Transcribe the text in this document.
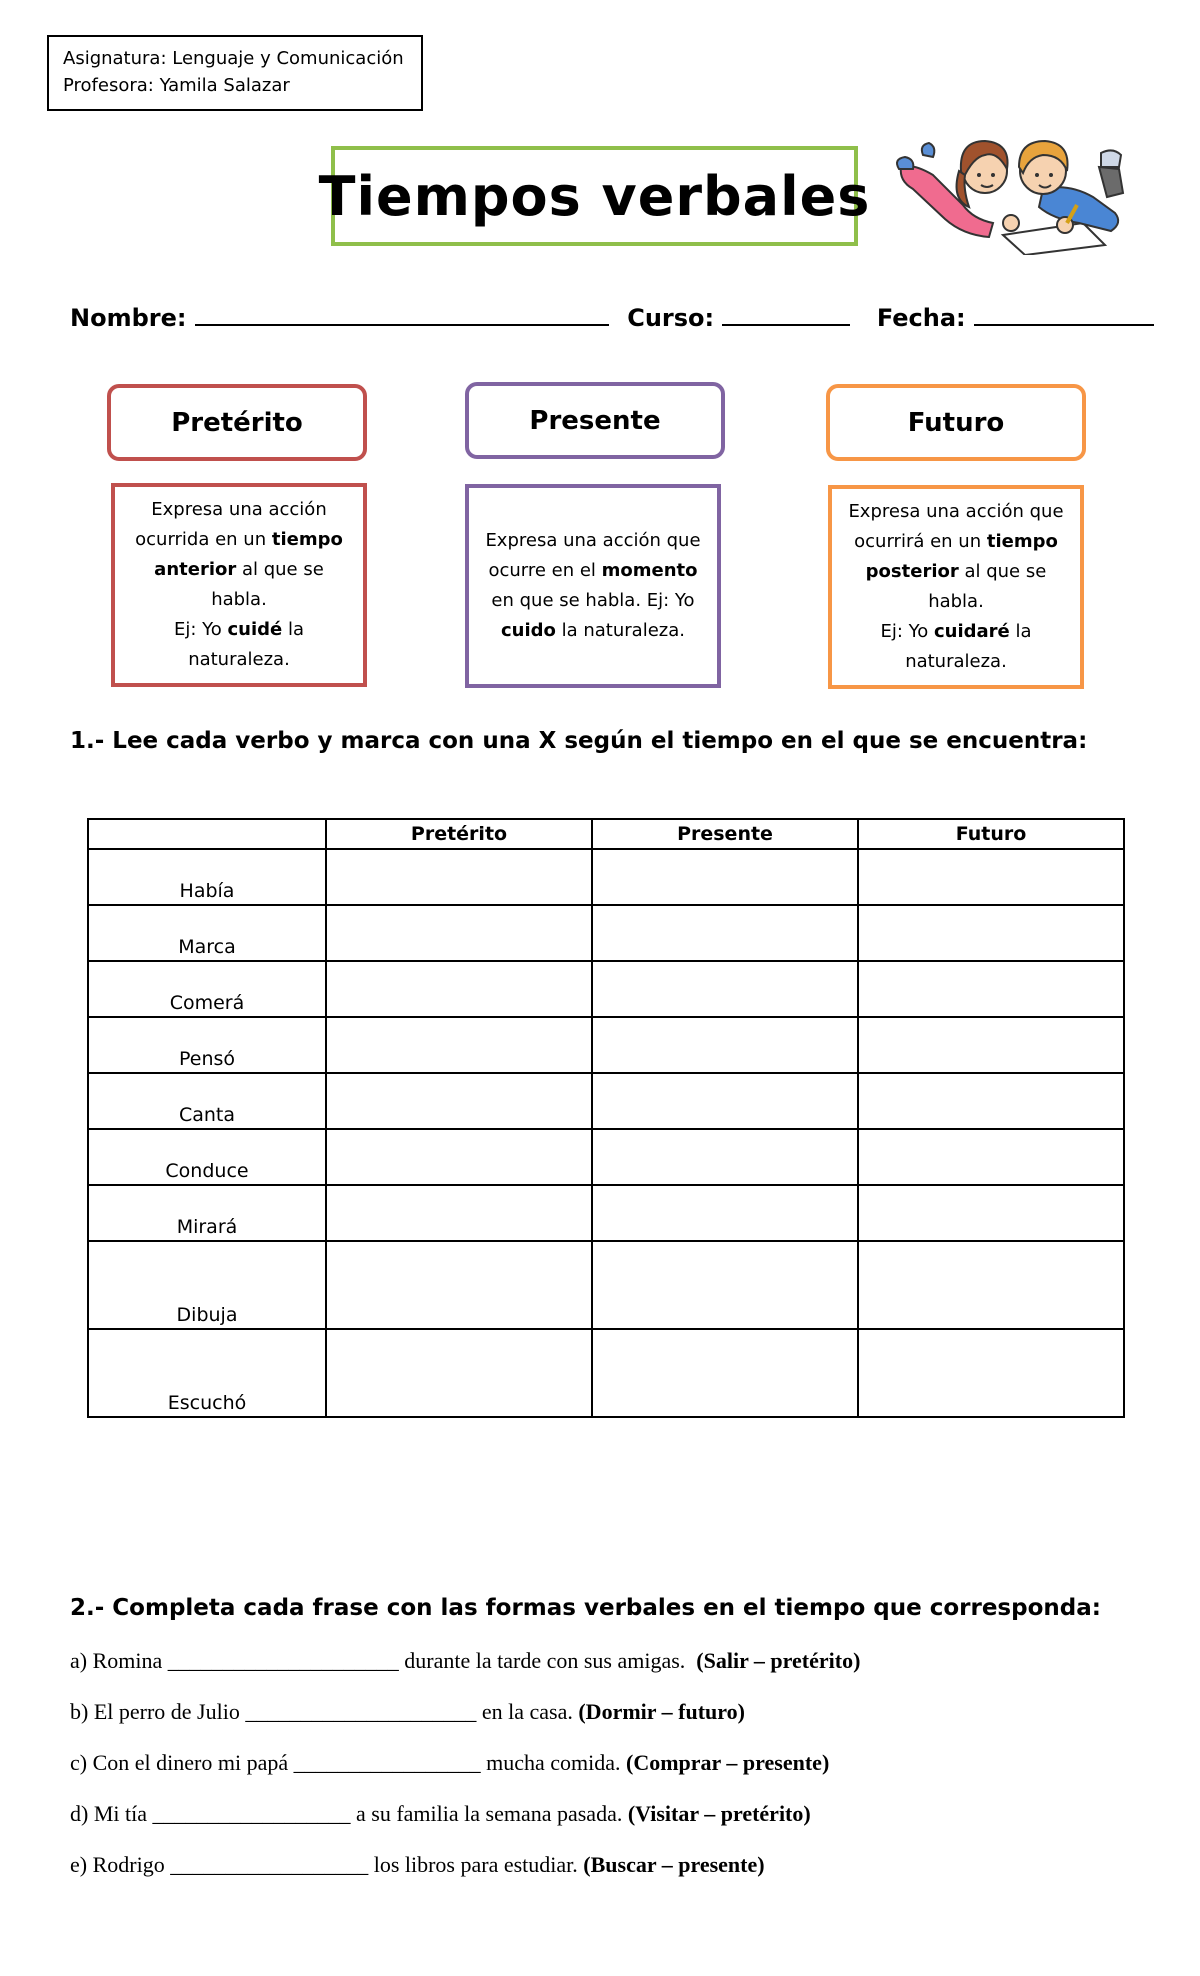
Asignatura: Lenguaje y Comunicación
Profesora: Yamila Salazar
Tiempos verbales
Nombre:	Curso:	Fecha:
Pretérito
Expresa una acción
ocurrida en un tiempo
anterior al que se habla.
Ej: Yo cuidé la naturaleza.
Presente
Expresa una acción que
ocurre en el momento
en que se habla. Ej: Yo
cuido la naturaleza.
Futuro
Expresa una acción que
ocurrirá en un tiempo
posterior al que se habla.
Ej: Yo cuidaré la
naturaleza.
1.- Lee cada verbo y marca con una X según el tiempo en el que se encuentra:
	Pretérito	Presente	Futuro
Había			
Marca			
Comerá			
Pensó			
Canta			
Conduce			
Mirará			
Dibuja			
Escuchó			
2.- Completa cada frase con las formas verbales en el tiempo que corresponda:
a) Romina _____________________ durante la tarde con sus amigas.  (Salir – pretérito)
b) El perro de Julio _____________________ en la casa. (Dormir – futuro)
c) Con el dinero mi papá _________________ mucha comida. (Comprar – presente)
d) Mi tía __________________ a su familia la semana pasada. (Visitar – pretérito)
e) Rodrigo __________________ los libros para estudiar. (Buscar – presente)
